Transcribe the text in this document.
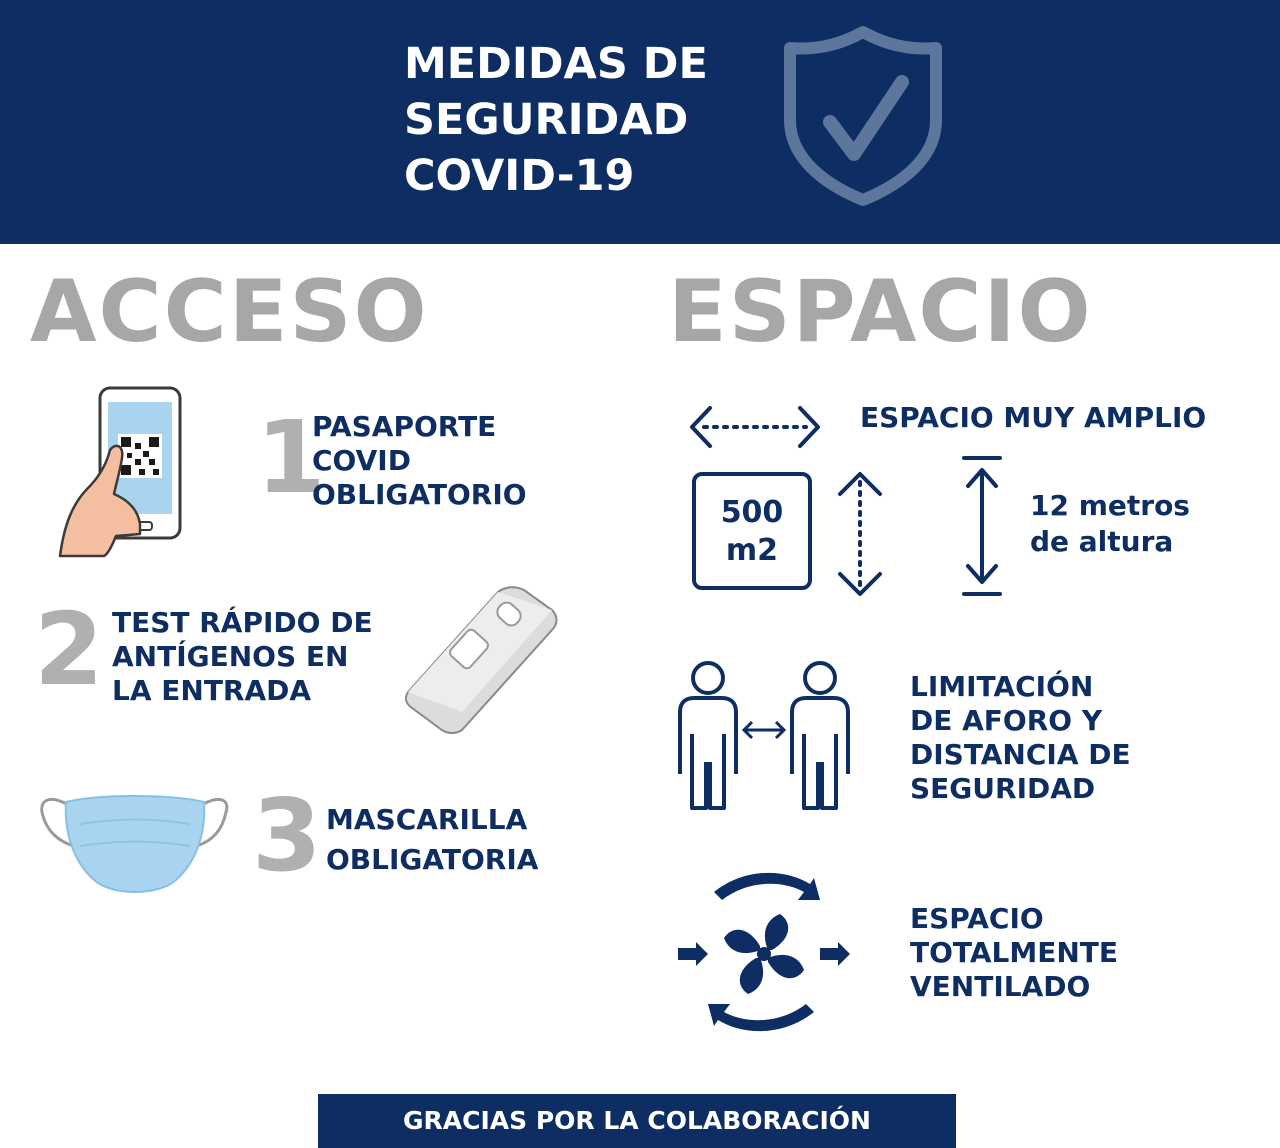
MEDIDAS DE
SEGURIDAD
COVID-19
ACCESO	ESPACIO
1
PASAPORTE
COVID
OBLIGATORIO
2 TEST RÁPIDO DE
ANTÍGENOS EN
LA ENTRADA
3 MASCARILLA
OBLIGATORIA
ESPACIO MUY AMPLIO
500
m2
12 metros
de altura
LIMITACIÓN
DE AFORO Y
DISTANCIA DE
SEGURIDAD
ESPACIO
TOTALMENTE
VENTILADO
GRACIAS POR LA COLABORACIÓN
